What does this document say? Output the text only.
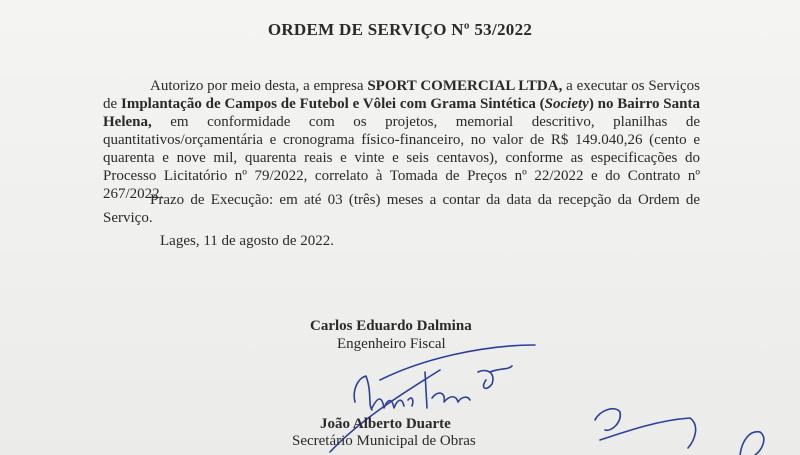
ORDEM DE SERVIÇO Nº 53/2022
Autorizo por meio desta, a empresa SPORT COMERCIAL LTDA, a executar os Serviços de Implantação de Campos de Futebol e Vôlei com Grama Sintética (Society) no Bairro Santa Helena, em conformidade com os projetos, memorial descritivo, planilhas de quantitativos/orçamentária e cronograma físico-financeiro, no valor de R$ 149.040,26 (cento e quarenta e nove mil, quarenta reais e vinte e seis centavos), conforme as especificações do Processo Licitatório nº 79/2022, correlato à Tomada de Preços nº 22/2022 e do Contrato nº 267/2022.
Prazo de Execução: em até 03 (três) meses a contar da data da recepção da Ordem de Serviço.
Lages, 11 de agosto de 2022.
Carlos Eduardo Dalmina
Engenheiro Fiscal
João Alberto Duarte
Secretário Municipal de Obras
